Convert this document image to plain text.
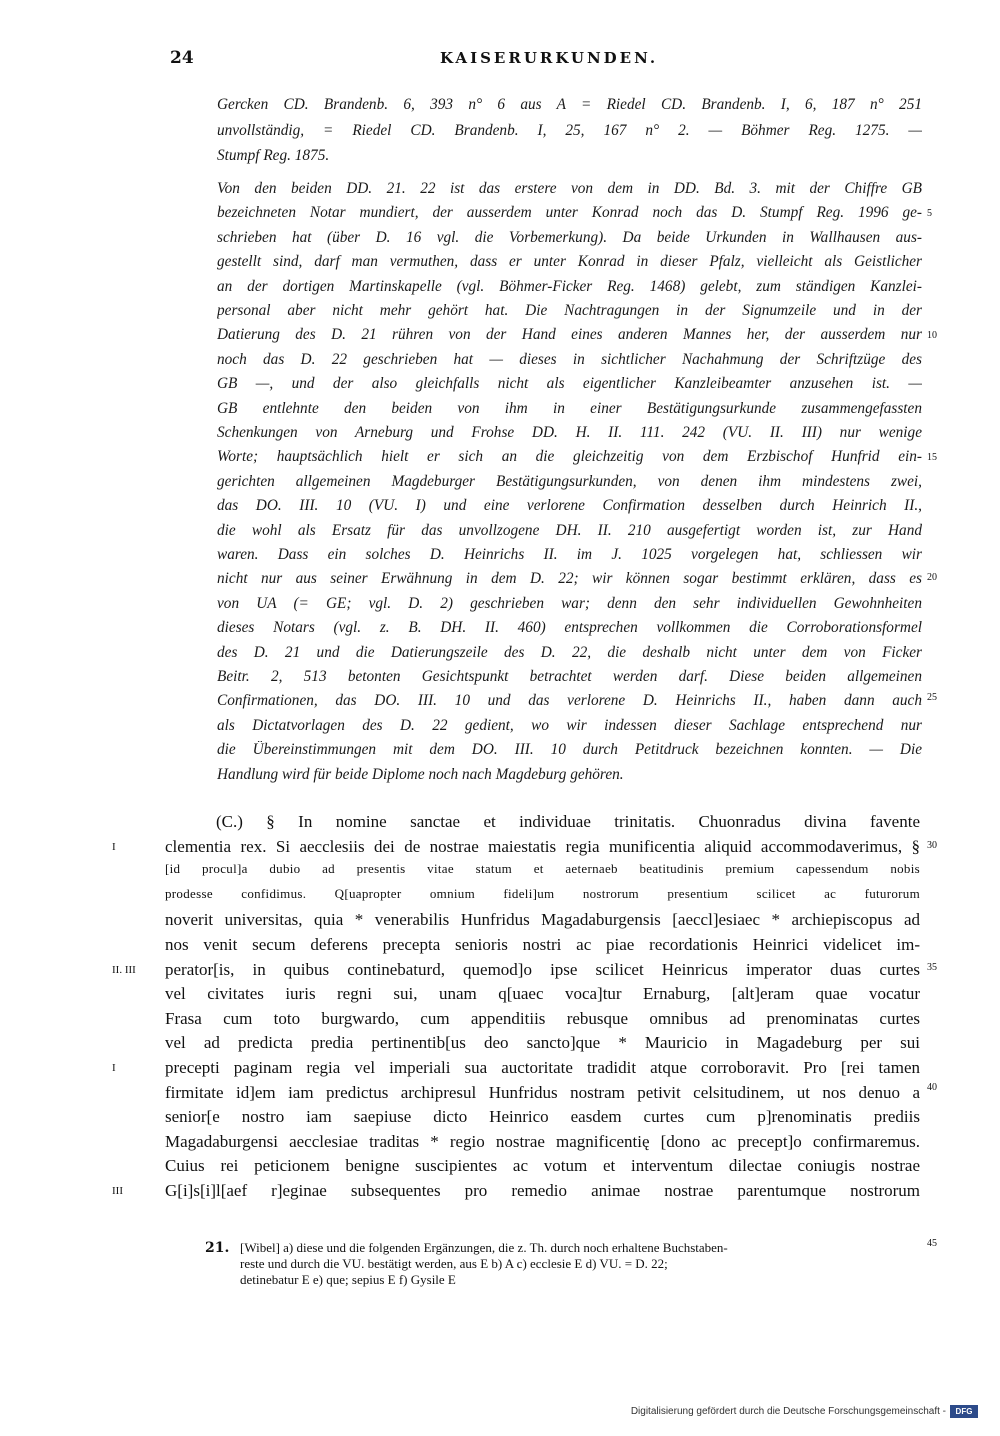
24	KAISERURKUNDEN.
Gercken CD. Brandenb. 6, 393 n° 6 aus A = Riedel CD. Brandenb. I, 6, 187 n° 251
unvollständig, = Riedel CD. Brandenb. I, 25, 167 n° 2. — Böhmer Reg. 1275. —
Stumpf Reg. 1875.
Von den beiden DD. 21. 22 ist das erstere von dem in DD. Bd. 3. mit der Chiffre GB
bezeichneten Notar mundiert, der ausserdem unter Konrad noch das D. Stumpf Reg. 1996 ge-
schrieben hat (über D. 16 vgl. die Vorbemerkung). Da beide Urkunden in Wallhausen aus-
gestellt sind, darf man vermuthen, dass er unter Konrad in dieser Pfalz, vielleicht als Geistlicher
an der dortigen Martinskapelle (vgl. Böhmer-Ficker Reg. 1468) gelebt, zum ständigen Kanzlei-
personal aber nicht mehr gehört hat. Die Nachtragungen in der Signumzeile und in der
Datierung des D. 21 rühren von der Hand eines anderen Mannes her, der ausserdem nur
noch das D. 22 geschrieben hat — dieses in sichtlicher Nachahmung der Schriftzüge des
GB —, und der also gleichfalls nicht als eigentlicher Kanzleibeamter anzusehen ist. —
GB entlehnte den beiden von ihm in einer Bestätigungsurkunde zusammengefassten
Schenkungen von Arneburg und Frohse DD. H. II. 111. 242 (VU. II. III) nur wenige
Worte; hauptsächlich hielt er sich an die gleichzeitig von dem Erzbischof Hunfrid ein-
gerichten allgemeinen Magdeburger Bestätigungsurkunden, von denen ihm mindestens zwei,
das DO. III. 10 (VU. I) und eine verlorene Confirmation desselben durch Heinrich II.,
die wohl als Ersatz für das unvollzogene DH. II. 210 ausgefertigt worden ist, zur Hand
waren. Dass ein solches D. Heinrichs II. im J. 1025 vorgelegen hat, schliessen wir
nicht nur aus seiner Erwähnung in dem D. 22; wir können sogar bestimmt erklären, dass es
von UA (= GE; vgl. D. 2) geschrieben war; denn den sehr individuellen Gewohnheiten
dieses Notars (vgl. z. B. DH. II. 460) entsprechen vollkommen die Corroborationsformel
des D. 21 und die Datierungszeile des D. 22, die deshalb nicht unter dem von Ficker
Beitr. 2, 513 betonten Gesichtspunkt betrachtet werden darf. Diese beiden allgemeinen
Confirmationen, das DO. III. 10 und das verlorene D. Heinrichs II., haben dann auch
als Dictatvorlagen des D. 22 gedient, wo wir indessen dieser Sachlage entsprechend nur
die Übereinstimmungen mit dem DO. III. 10 durch Petitdruck bezeichnen konnten. — Die
Handlung wird für beide Diplome noch nach Magdeburg gehören.
5
10
15
20
25
30
35
40
45
(C.) § In nomine sanctae et individuae trinitatis. Chuonradus divina favente
I	clementia rex. Si aecclesiis dei de nostrae maiestatis regia munificentia aliquid accommodaverimus, §
[id procul]a dubio ad presentis vitae statum et aeternaeb beatitudinis premium capessendum nobis
prodesse confidimus. Q[uapropter omnium fideli]um nostrorum presentium scilicet ac futurorum
noverit universitas, quia * venerabilis Hunfridus Magadaburgensis [aeccl]esiaec * archiepiscopus ad
nos venit secum deferens precepta senioris nostri ac piae recordationis Heinrici videlicet im-
II. III perator[is, in quibus continebaturd, quemod]o ipse scilicet Heinricus imperator duas curtes
vel civitates iuris regni sui, unam q[uaec voca]tur Ernaburg, [alt]eram quae vocatur
Frasa cum toto burgwardo, cum appenditiis rebusque omnibus ad prenominatas curtes
vel ad predicta predia pertinentib[us deo sancto]que * Mauricio in Magadeburg per sui
I	precepti paginam regia vel imperiali sua auctoritate tradidit atque corroboravit. Pro [rei tamen
firmitate id]em iam predictus archipresul Hunfridus nostram petivit celsitudinem, ut nos denuo a
senior[e nostro iam saepiuse dicto Heinrico easdem curtes cum p]renominatis prediis
Magadaburgensi aecclesiae traditas * regio nostrae magnificentię [dono ac precept]o confirmaremus.
Cuius rei peticionem benigne suscipientes ac votum et interventum dilectae coniugis nostrae
III G[i]s[i]l[aef r]eginae subsequentes pro remedio animae nostrae parentumque nostrorum
21. [Wibel] a) diese und die folgenden Ergänzungen, die z. Th. durch noch erhaltene Buchstaben-
reste und durch die VU. bestätigt werden, aus E b) A c) ecclesie E d) VU. = D. 22;
detinebatur E e) que; sepius E f) Gysile E
Digitalisierung gefördert durch die Deutsche Forschungsgemeinschaft -	DFG
